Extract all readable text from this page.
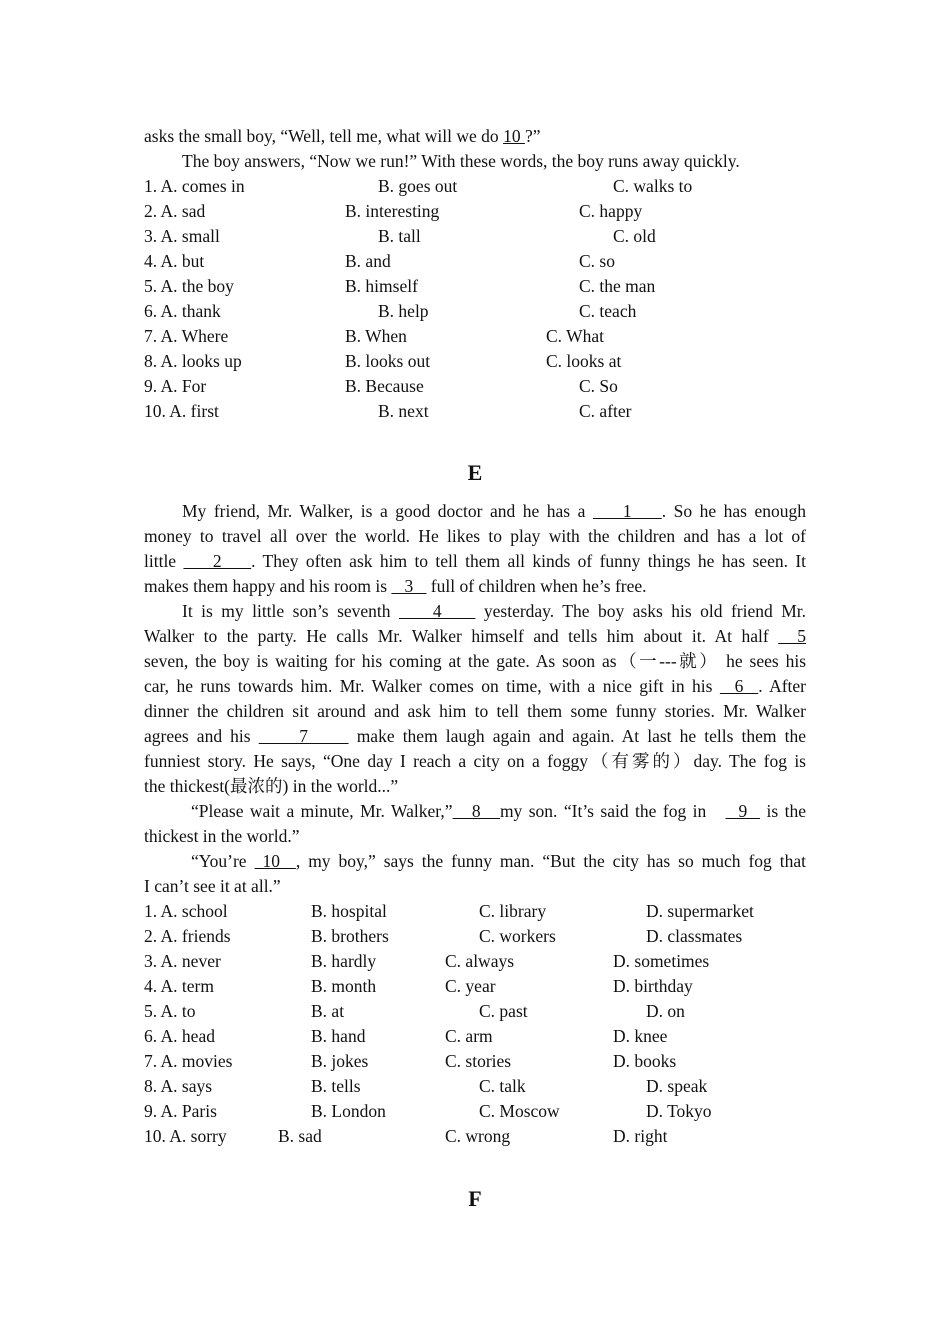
asks the small boy, “Well, tell me, what will we do 10 ?”
The boy answers, “Now we run!” With these words, the boy runs away quickly.
1. A. comes in	B. goes out	C. walks to
2. A. sad	B. interesting	C. happy
3. A. small	B. tall	C. old
4. A. but	B. and	C. so
5. A. the boy	B. himself	C. the man
6. A. thank	B. help	C. teach
7. A. Where	B. When	C. What
8. A. looks up	B. looks out	C. looks at
9. A. For	B. Because	C. So
10. A. first	B. next	C. after
E
My friend, Mr. Walker, is a good doctor and he has a     1    . So he has enough
money to travel all over the world. He likes to play with the children and has a lot of
little     2    . They often ask him to tell them all kinds of funny things he has seen. It
makes them happy and his room is    3    full of children when he’s free.
It is my little son’s seventh     4     yesterday. The boy asks his old friend Mr.
Walker to the party. He calls Mr. Walker himself and tells him about it. At half   5
seven, the boy is waiting for his coming at the gate. As soon as（一---就） he sees his
car, he runs towards him. Mr. Walker comes on time, with a nice gift in his   6  . After
dinner the children sit around and ask him to tell them some funny stories. Mr. Walker
agrees and his      7      make them laugh again and again. At last he tells them the
funniest story. He says, “One day I reach a city on a foggy（有雾的）day. The fog is
the thickest(最浓的) in the world...”
“Please wait a minute, Mr. Walker,”   8   my son. “It’s said the fog in     9   is the
thickest in the world.”
“You’re  10  , my boy,” says the funny man. “But the city has so much fog that
I can’t see it at all.”
1. A. school	B. hospital	C. library	D. supermarket
2. A. friends	B. brothers	C. workers	D. classmates
3. A. never	B. hardly	C. always	D. sometimes
4. A. term	B. month	C. year	D. birthday
5. A. to	B. at	C. past	D. on
6. A. head	B. hand	C. arm	D. knee
7. A. movies	B. jokes	C. stories	D. books
8. A. says	B. tells	C. talk	D. speak
9. A. Paris	B. London	C. Moscow	D. Tokyo
10. A. sorry	B. sad	C. wrong	D. right
F
